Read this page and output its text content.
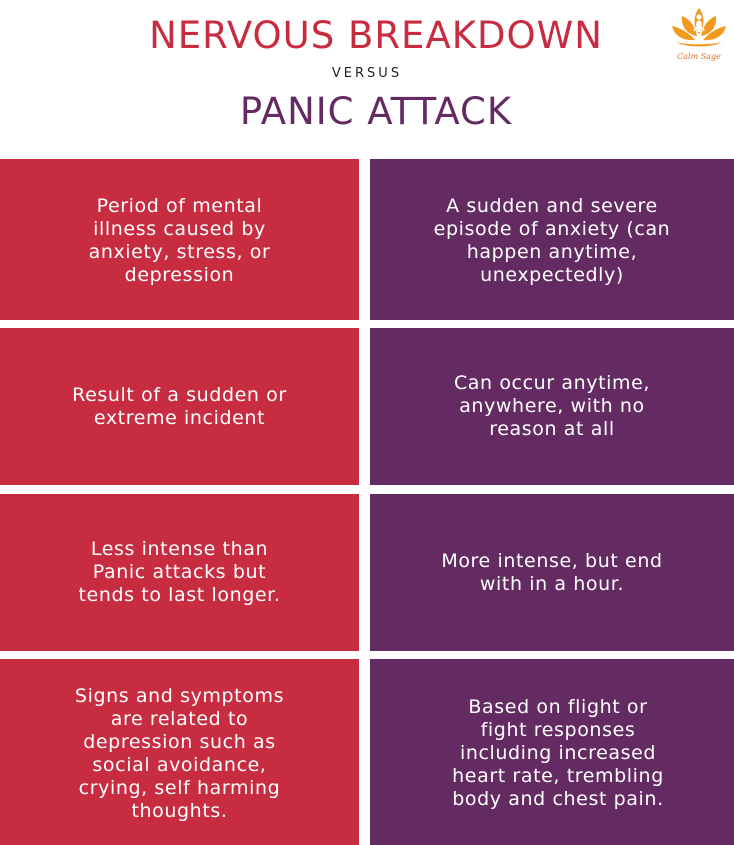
NERVOUS BREAKDOWN
VERSUS
PANIC ATTACK
Calm Sage
Period of mental
illness caused by
anxiety, stress, or
depression
A sudden and severe
episode of anxiety (can
happen anytime,
unexpectedly)
Result of a sudden or
extreme incident
Can occur anytime,
anywhere, with no
reason at all
Less intense than
Panic attacks but
tends to last longer.
More intense, but end
with in a hour.
Signs and symptoms
are related to
depression such as
social avoidance,
crying, self harming
thoughts.
Based on flight or
fight responses
including increased
heart rate, trembling
body and chest pain.
